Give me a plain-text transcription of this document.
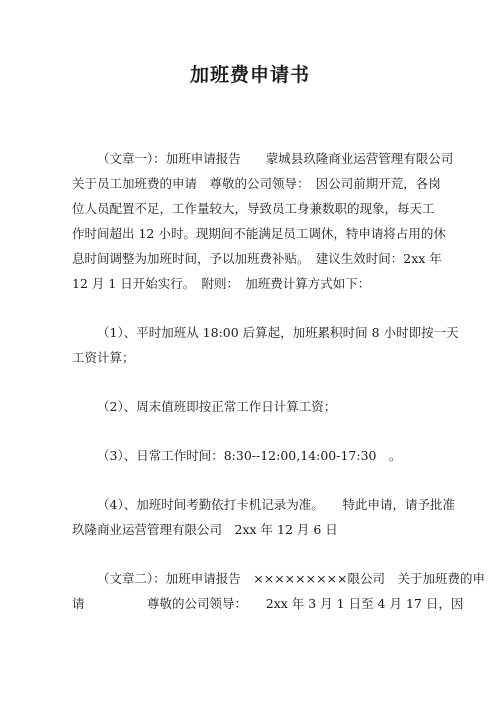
加班费申请书

（文章一）：加班申请报告　　蒙城县玖隆商业运营管理有限公司
关于员工加班费的申请　尊敬的公司领导：　因公司前期开荒，各岗
位人员配置不足，工作量较大，导致员工身兼数职的现象，每天工
作时间超出 12 小时。现期间不能满足员工调休，特申请将占用的休
息时间调整为加班时间，予以加班费补贴。　建议生效时间：2xx 年
12 月 1 日开始实行。　附则：　加班费计算方式如下：

（1）、平时加班从 18:00 后算起，加班累积时间 8 小时即按一天
工资计算；

（2）、周末值班即按正常工作日计算工资；

（3）、日常工作时间：8:30--12:00,14:00-17:30　。

（4）、加班时间考勤依打卡机记录为准。　　特此申请，请予批准
玖隆商业运营管理有限公司　2xx 年 12 月 6 日

（文章二）：加班申请报告　×××××××××限公司　关于加班费的申
请　　　　　尊敬的公司领导：　　2xx 年 3 月 1 日至 4 月 17 日，因
